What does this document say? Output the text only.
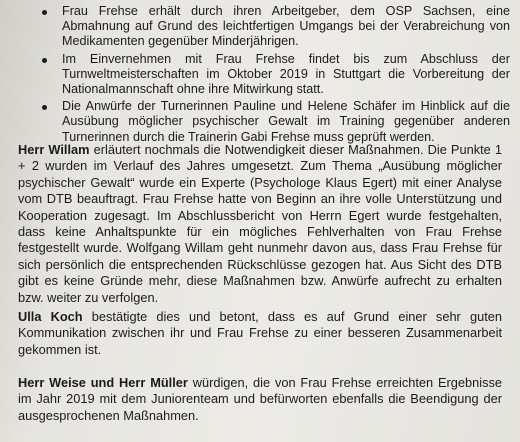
Frau Frehse erhält durch ihren Arbeitgeber, dem OSP Sachsen, eine Abmahnung auf Grund des leichtfertigen Umgangs bei der Verabreichung von Medikamenten gegenüber Minderjährigen.
Im Einvernehmen mit Frau Frehse findet bis zum Abschluss der Turnweltmeisterschaften im Oktober 2019 in Stuttgart die Vorbereitung der Nationalmannschaft ohne ihre Mitwirkung statt.
Die Anwürfe der Turnerinnen Pauline und Helene Schäfer im Hinblick auf die Ausübung möglicher psychischer Gewalt im Training gegenüber anderen Turnerinnen durch die Trainerin Gabi Frehse muss geprüft werden.

Herr Willam erläutert nochmals die Notwendigkeit dieser Maßnahmen. Die Punkte 1 + 2 wurden im Verlauf des Jahres umgesetzt. Zum Thema „Ausübung möglicher psychischer Gewalt“ wurde ein Experte (Psychologe Klaus Egert) mit einer Analyse vom DTB beauftragt. Frau Frehse hatte von Beginn an ihre volle Unterstützung und Kooperation zugesagt. Im Abschlussbericht von Herrn Egert wurde festgehalten, dass keine Anhaltspunkte für ein mögliches Fehlverhalten von Frau Frehse festgestellt wurde. Wolfgang Willam geht nunmehr davon aus, dass Frau Frehse für sich persönlich die entsprechenden Rückschlüsse gezogen hat. Aus Sicht des DTB gibt es keine Gründe mehr, diese Maßnahmen bzw. Anwürfe aufrecht zu erhalten bzw. weiter zu verfolgen.

Ulla Koch bestätigte dies und betont, dass es auf Grund einer sehr guten Kommunikation zwischen ihr und Frau Frehse zu einer besseren Zusammenarbeit gekommen ist.

Herr Weise und Herr Müller würdigen, die von Frau Frehse erreichten Ergebnisse im Jahr 2019 mit dem Juniorenteam und befürworten ebenfalls die Beendigung der ausgesprochenen Maßnahmen.
